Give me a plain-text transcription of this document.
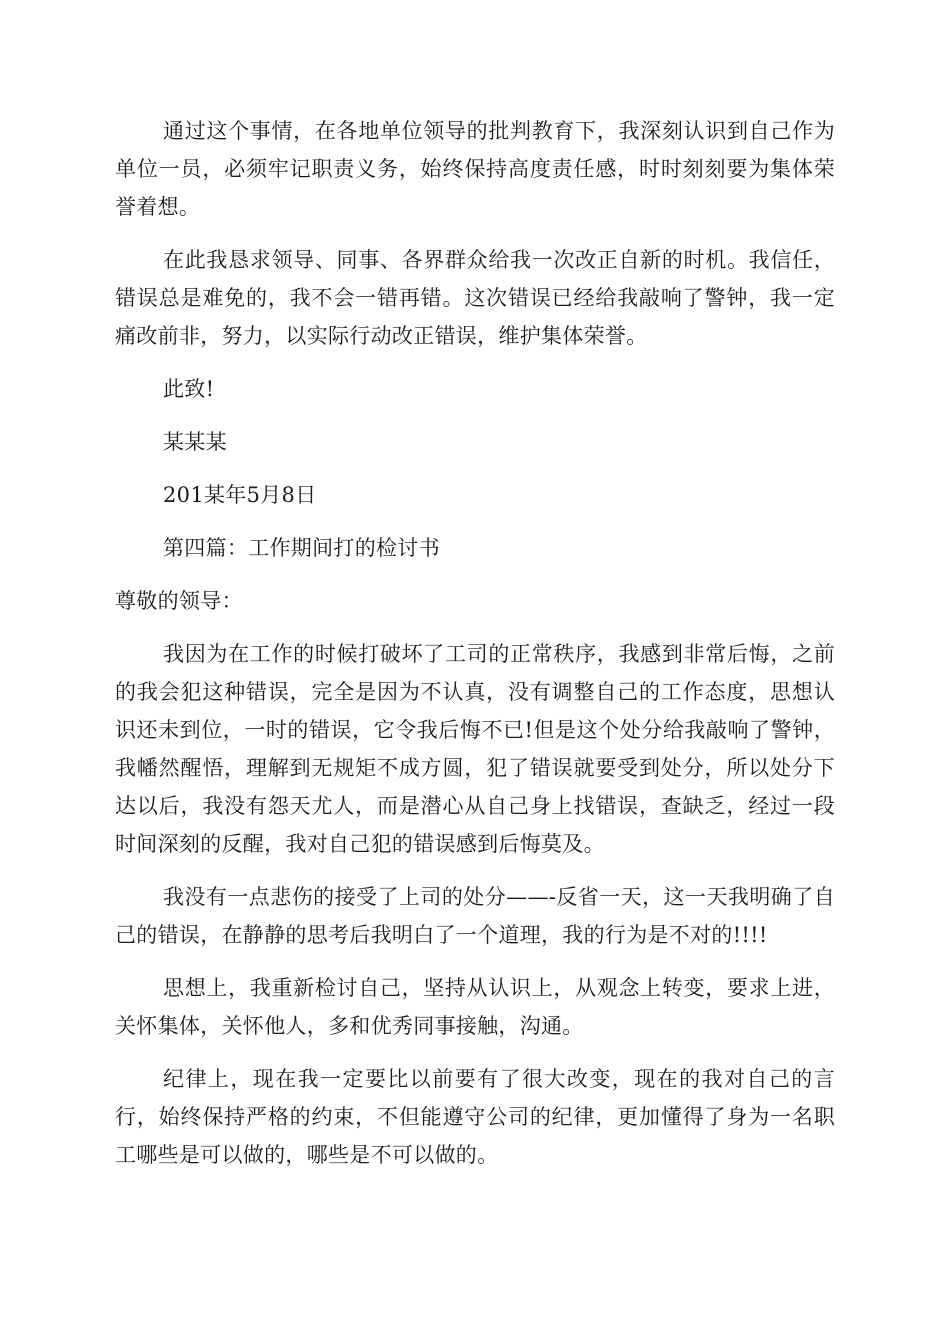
通过这个事情，在各地单位领导的批判教育下，我深刻认识到自己作为单位一员，必须牢记职责义务，始终保持高度责任感，时时刻刻要为集体荣誉着想。

在此我恳求领导、同事、各界群众给我一次改正自新的时机。我信任，错误总是难免的，我不会一错再错。这次错误已经给我敲响了警钟，我一定痛改前非，努力，以实际行动改正错误，维护集体荣誉。

此致!

某某某

201某年5月8日

第四篇：工作期间打的检讨书

尊敬的领导：

我因为在工作的时候打破坏了工司的正常秩序，我感到非常后悔，之前的我会犯这种错误，完全是因为不认真，没有调整自己的工作态度，思想认识还未到位，一时的错误，它令我后悔不已!但是这个处分给我敲响了警钟，我幡然醒悟，理解到无规矩不成方圆，犯了错误就要受到处分，所以处分下达以后，我没有怨天尤人，而是潜心从自己身上找错误，查缺乏，经过一段时间深刻的反醒，我对自己犯的错误感到后悔莫及。

我没有一点悲伤的接受了上司的处分——-反省一天，这一天我明确了自己的错误，在静静的思考后我明白了一个道理，我的行为是不对的!!!!

思想上，我重新检讨自己，坚持从认识上，从观念上转变，要求上进，关怀集体，关怀他人，多和优秀同事接触，沟通。

纪律上，现在我一定要比以前要有了很大改变，现在的我对自己的言行，始终保持严格的约束，不但能遵守公司的纪律，更加懂得了身为一名职工哪些是可以做的，哪些是不可以做的。
